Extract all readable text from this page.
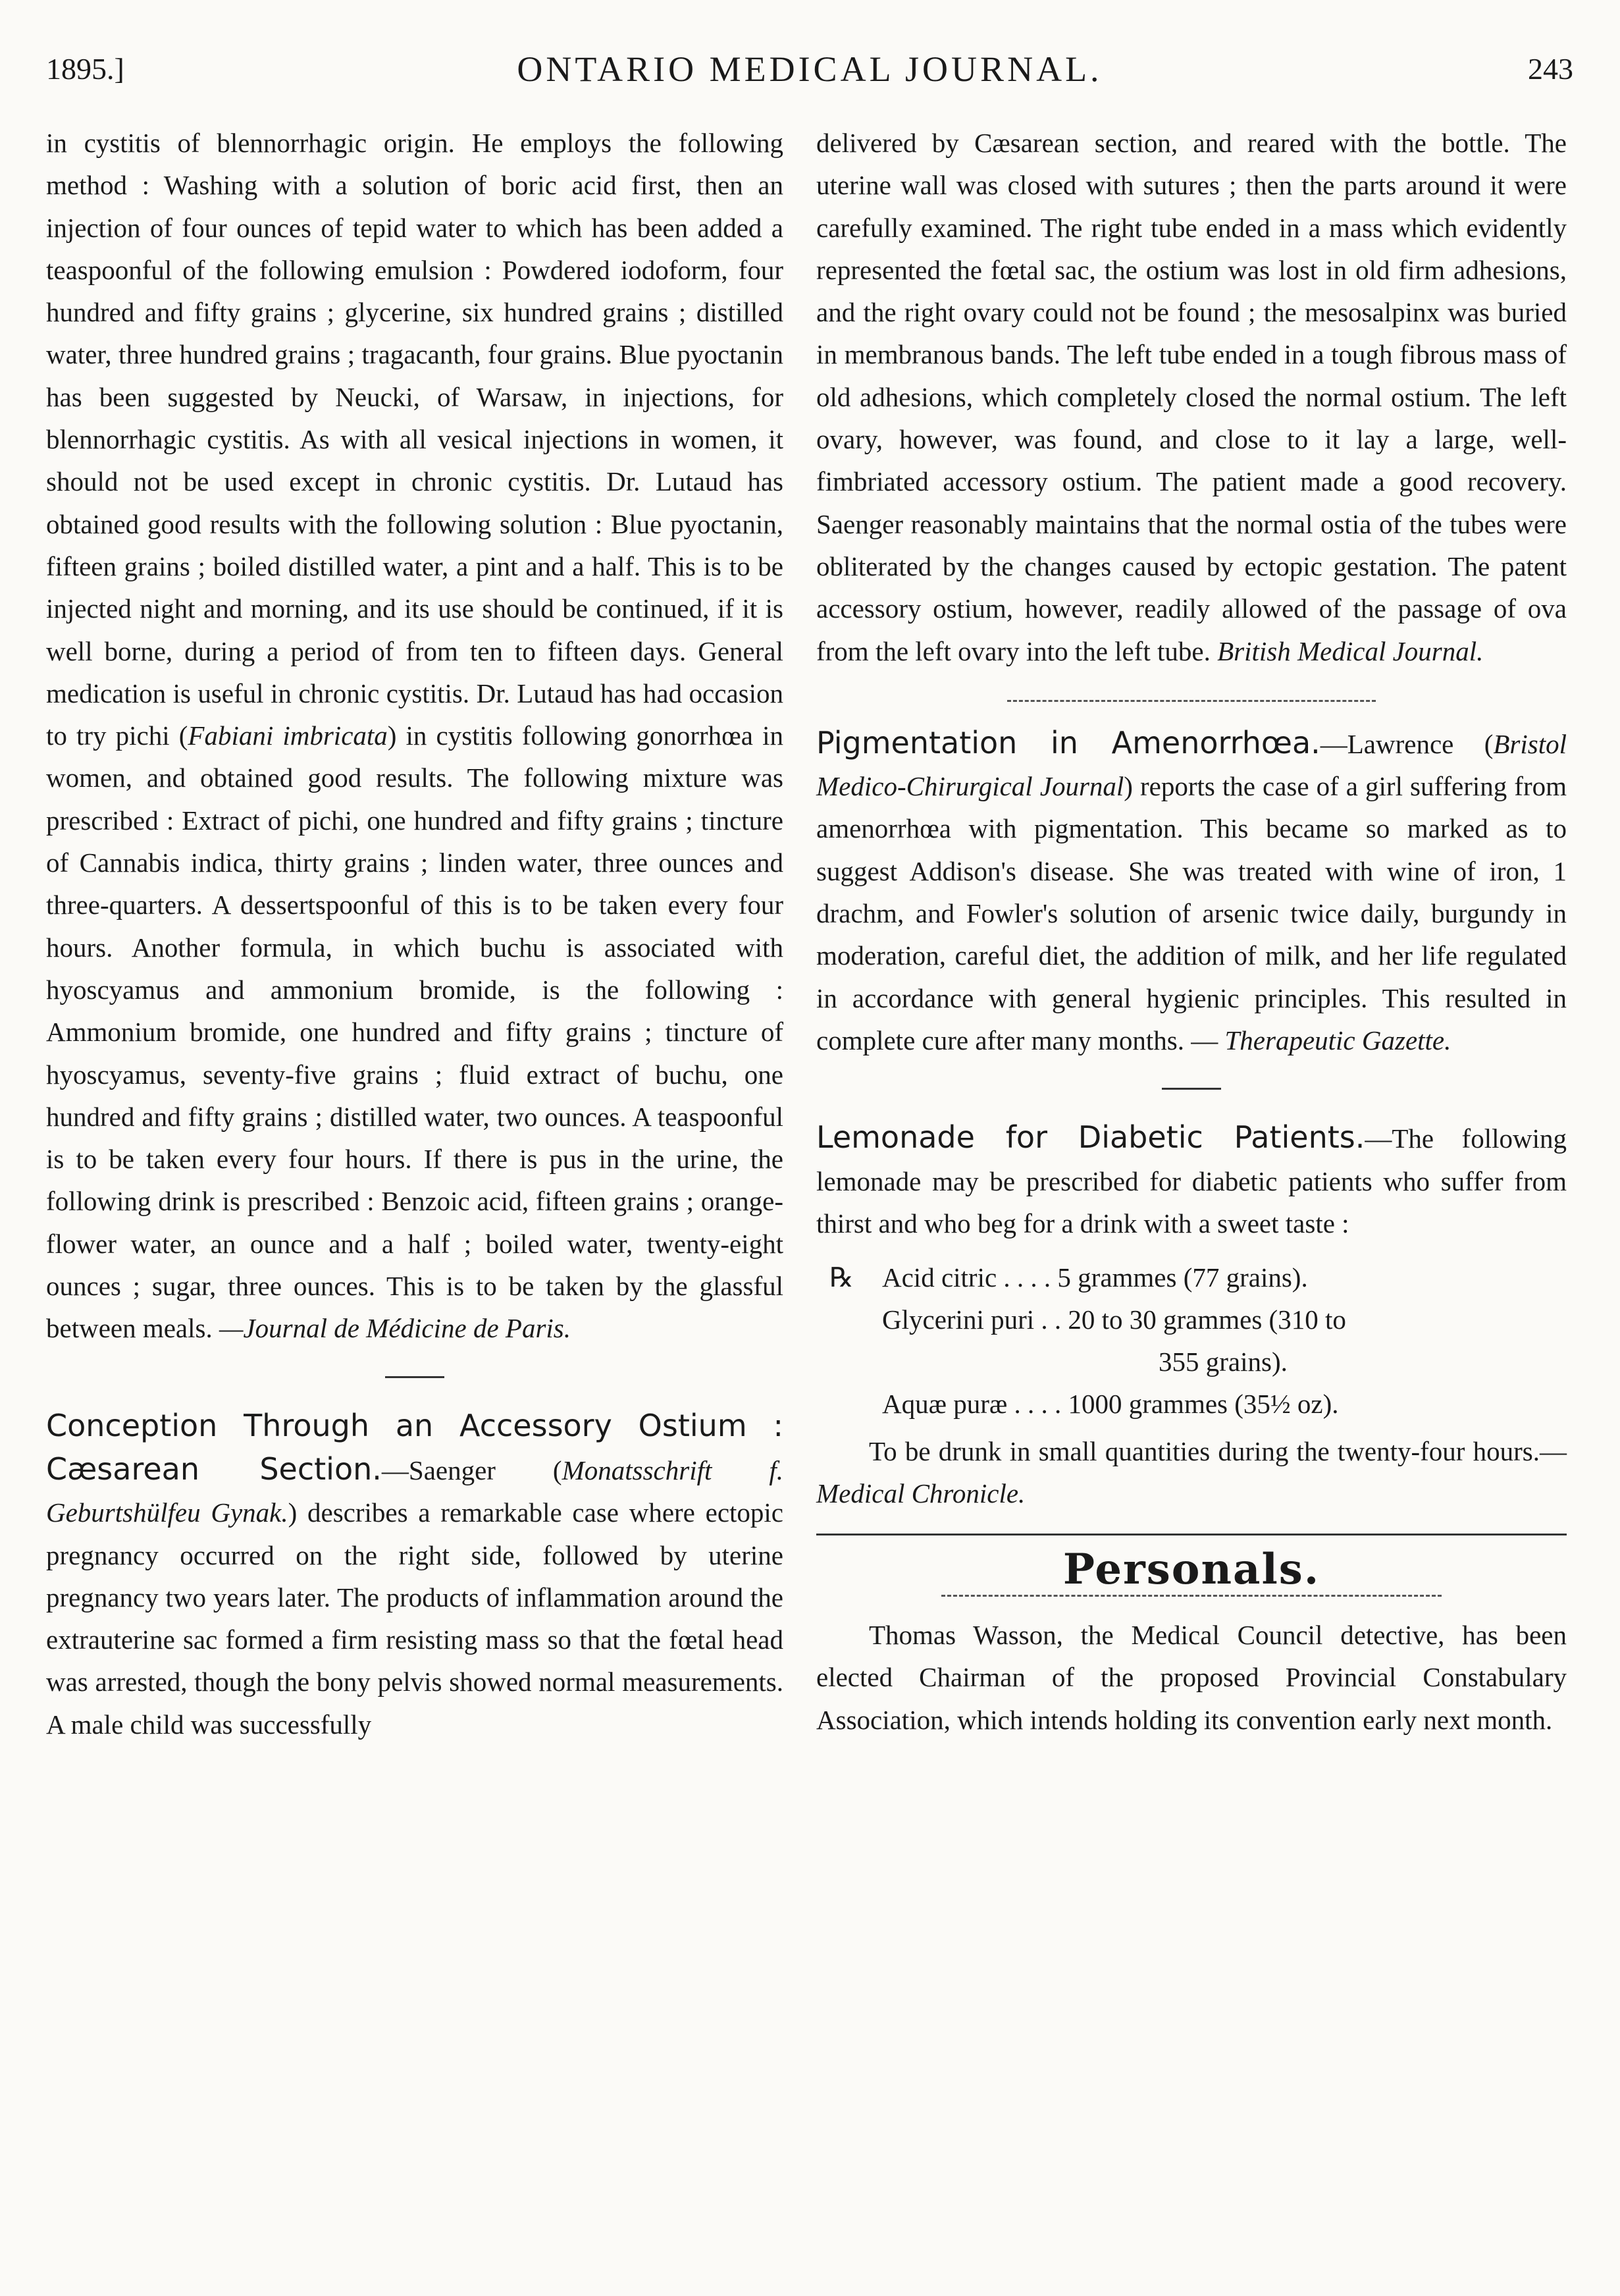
1895.]	ONTARIO MEDICAL JOURNAL.	243

in cystitis of blennorrhagic origin. He employs the following method : Washing with a solution of boric acid first, then an injection of four ounces of tepid water to which has been added a teaspoonful of the following emulsion : Powdered iodoform, four hundred and fifty grains ; glycerine, six hundred grains ; distilled water, three hundred grains ; tragacanth, four grains. Blue pyoctanin has been suggested by Neucki, of Warsaw, in injections, for blennorrhagic cystitis. As with all vesical injections in women, it should not be used except in chronic cystitis. Dr. Lutaud has obtained good results with the following solution : Blue pyoctanin, fifteen grains ; boiled distilled water, a pint and a half. This is to be injected night and morning, and its use should be continued, if it is well borne, during a period of from ten to fifteen days. General medication is useful in chronic cystitis. Dr. Lutaud has had occasion to try pichi (Fabiani imbricata) in cystitis following gonorrhœa in women, and obtained good results. The following mixture was prescribed : Extract of pichi, one hundred and fifty grains ; tincture of Cannabis indica, thirty grains ; linden water, three ounces and three-quarters. A dessertspoonful of this is to be taken every four hours. Another formula, in which buchu is associated with hyoscyamus and ammonium bromide, is the following : Ammonium bromide, one hundred and fifty grains ; tincture of hyoscyamus, seventy-five grains ; fluid extract of buchu, one hundred and fifty grains ; distilled water, two ounces. A teaspoonful is to be taken every four hours. If there is pus in the urine, the following drink is prescribed : Benzoic acid, fifteen grains ; orange-flower water, an ounce and a half ; boiled water, twenty-eight ounces ; sugar, three ounces. This is to be taken by the glassful between meals. —Journal de Médicine de Paris.

Conception Through an Accessory Ostium : Cæsarean Section.—Saenger (Monatsschrift f. Geburtshülfeu Gynak.) describes a remarkable case where ectopic pregnancy occurred on the right side, followed by uterine pregnancy two years later. The products of inflammation around the extrauterine sac formed a firm resisting mass so that the fœtal head was arrested, though the bony pelvis showed normal measurements. A male child was successfully

delivered by Cæsarean section, and reared with the bottle. The uterine wall was closed with sutures ; then the parts around it were carefully examined. The right tube ended in a mass which evidently represented the fœtal sac, the ostium was lost in old firm adhesions, and the right ovary could not be found ; the mesosalpinx was buried in membranous bands. The left tube ended in a tough fibrous mass of old adhesions, which completely closed the normal ostium. The left ovary, however, was found, and close to it lay a large, well-fimbriated accessory ostium. The patient made a good recovery. Saenger reasonably maintains that the normal ostia of the tubes were obliterated by the changes caused by ectopic gestation. The patent accessory ostium, however, readily allowed of the passage of ova from the left ovary into the left tube. British Medical Journal.

Pigmentation in Amenorrhœa.—Lawrence (Bristol Medico-Chirurgical Journal) reports the case of a girl suffering from amenorrhœa with pigmentation. This became so marked as to suggest Addison's disease. She was treated with wine of iron, 1 drachm, and Fowler's solution of arsenic twice daily, burgundy in moderation, careful diet, the addition of milk, and her life regulated in accordance with general hygienic principles. This resulted in complete cure after many months. — Therapeutic Gazette.

Lemonade for Diabetic Patients.—The following lemonade may be prescribed for diabetic patients who suffer from thirst and who beg for a drink with a sweet taste :

℞ Acid citric . . . . 5 grammes (77 grains).
Glycerini puri . . 20 to 30 grammes (310 to
355 grains).
Aquæ puræ . . . . 1000 grammes (35½ oz).

To be drunk in small quantities during the twenty-four hours.—Medical Chronicle.

Personals.

Thomas Wasson, the Medical Council detective, has been elected Chairman of the proposed Provincial Constabulary Association, which intends holding its convention early next month.
